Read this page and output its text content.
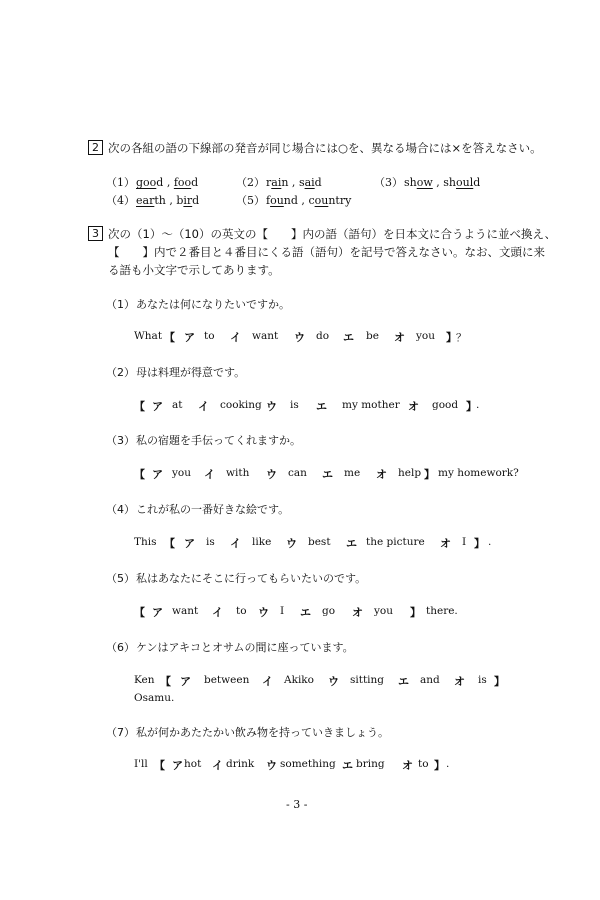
2 次の各組の語の下線部の発音が同じ場合には○を、異なる場合には×を答えなさい。
（1）good , food	（2）rain , said	（3）show , should
（4）earth , bird	（5）found , country
3 次の（1）～（10）の英文の【　　】内の語（語句）を日本文に合うように並べ換え、
【　　】内で２番目と４番目にくる語（語句）を記号で答えなさい。なお、文頭に来
る語も小文字で示してあります。
（1）あなたは何になりたいですか。
（2）母は料理が得意です。
（3）私の宿題を手伝ってくれますか。
（4）これが私の一番好きな絵です。
（5）私はあなたにそこに行ってもらいたいのです。
（6）ケンはアキコとオサムの間に座っています。
（7）私が何かあたたかい飲み物を持っていきましょう。
What 【 ア to イ want ウ do エ be オ you 】 ？
【 ア at イ cooking ウ is エ my mother オ good 】 .
【 ア you イ with ウ can エ me オ help 】 my homework?
This 【 ア is イ like ウ best エ the picture オ I 】 .
【 ア want イ to ウ I エ go オ you 】 there.
Ken 【 ア between イ Akiko ウ sitting エ and オ is 】
Osamu.
I'll 【 ア hot イ drink ウ something エ bring オ to 】 .
- 3 -
